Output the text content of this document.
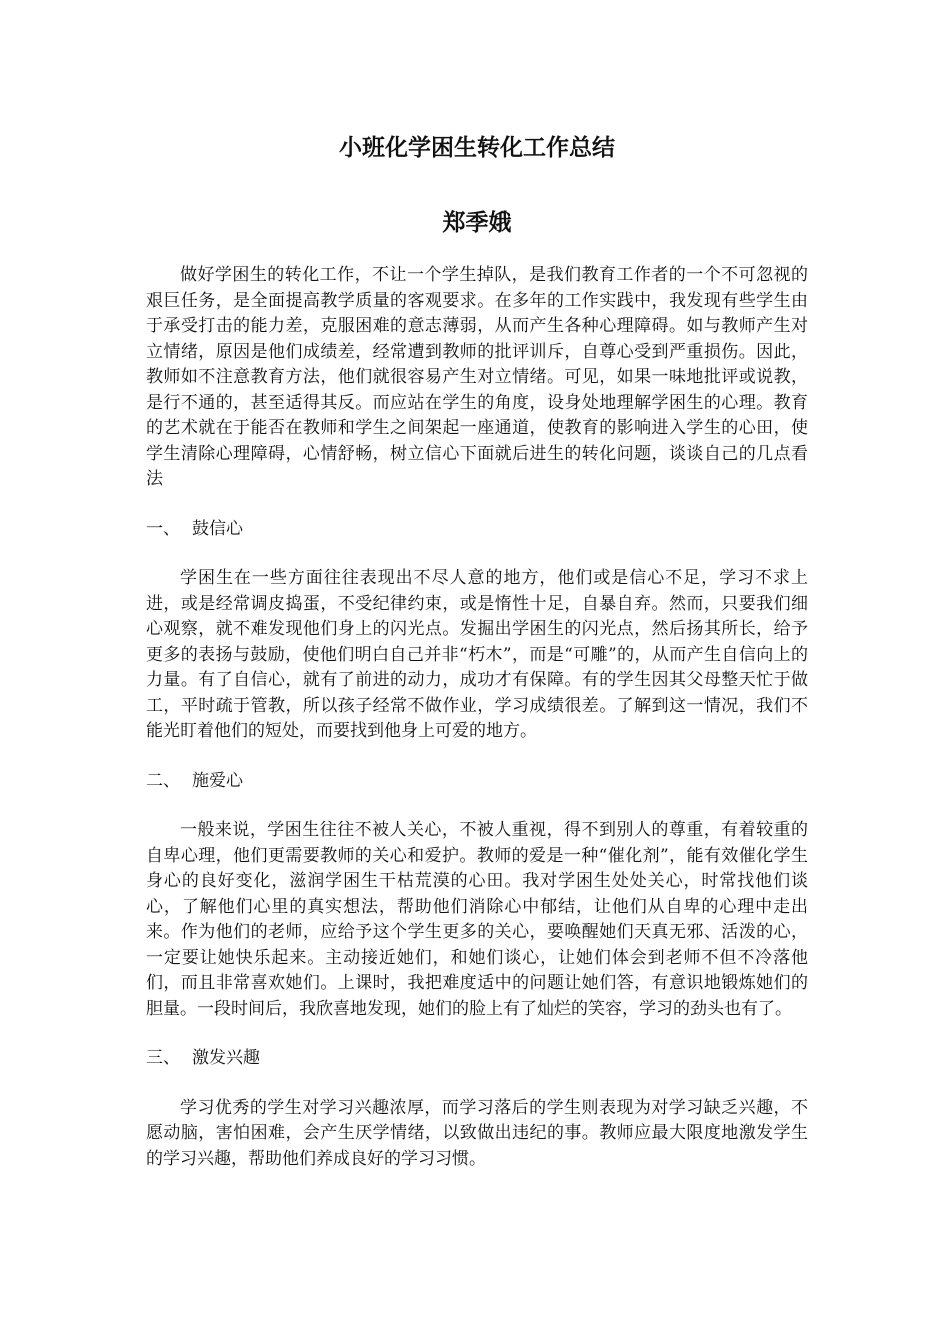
小班化学困生转化工作总结
郑季娥

做好学困生的转化工作，不让一个学生掉队，是我们教育工作者的一个不可忽视的艰巨任务，是全面提高教学质量的客观要求。在多年的工作实践中，我发现有些学生由于承受打击的能力差，克服困难的意志薄弱，从而产生各种心理障碍。如与教师产生对立情绪，原因是他们成绩差，经常遭到教师的批评训斥，自尊心受到严重损伤。因此，教师如不注意教育方法，他们就很容易产生对立情绪。可见，如果一味地批评或说教，是行不通的，甚至适得其反。而应站在学生的角度，设身处地理解学困生的心理。教育的艺术就在于能否在教师和学生之间架起一座通道，使教育的影响进入学生的心田，使学生清除心理障碍，心情舒畅，树立信心下面就后进生的转化问题，谈谈自己的几点看法

一、 鼓信心

学困生在一些方面往往表现出不尽人意的地方，他们或是信心不足，学习不求上进，或是经常调皮捣蛋，不受纪律约束，或是惰性十足，自暴自弃。然而，只要我们细心观察，就不难发现他们身上的闪光点。发掘出学困生的闪光点，然后扬其所长，给予更多的表扬与鼓励，使他们明白自己并非“朽木”，而是“可雕”的，从而产生自信向上的力量。有了自信心，就有了前进的动力，成功才有保障。有的学生因其父母整天忙于做工，平时疏于管教，所以孩子经常不做作业，学习成绩很差。了解到这一情况，我们不能光盯着他们的短处，而要找到他身上可爱的地方。

二、 施爱心

一般来说，学困生往往不被人关心，不被人重视，得不到别人的尊重，有着较重的自卑心理，他们更需要教师的关心和爱护。教师的爱是一种“催化剂”，能有效催化学生身心的良好变化，滋润学困生干枯荒漠的心田。我对学困生处处关心，时常找他们谈心，了解他们心里的真实想法，帮助他们消除心中郁结，让他们从自卑的心理中走出来。作为他们的老师，应给予这个学生更多的关心，要唤醒她们天真无邪、活泼的心，一定要让她快乐起来。主动接近她们，和她们谈心，让她们体会到老师不但不冷落他们，而且非常喜欢她们。上课时，我把难度适中的问题让她们答，有意识地锻炼她们的胆量。一段时间后，我欣喜地发现，她们的脸上有了灿烂的笑容，学习的劲头也有了。

三、 激发兴趣

学习优秀的学生对学习兴趣浓厚，而学习落后的学生则表现为对学习缺乏兴趣，不愿动脑，害怕困难，会产生厌学情绪，以致做出违纪的事。教师应最大限度地激发学生的学习兴趣，帮助他们养成良好的学习习惯。
